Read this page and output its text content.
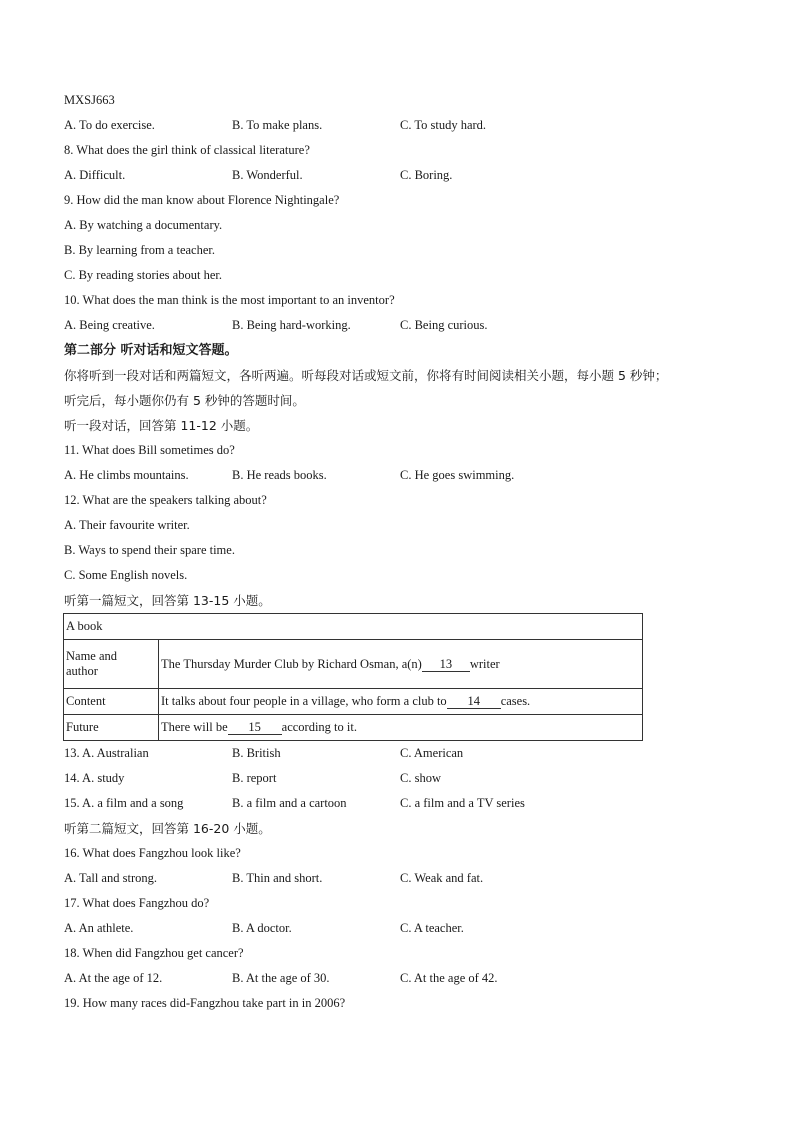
MXSJ663
A. To do exercise.	B. To make plans.	C. To study hard.
8. What does the girl think of classical literature?
A. Difficult.	B. Wonderful.	C. Boring.
9. How did the man know about Florence Nightingale?
A. By watching a documentary.
B. By learning from a teacher.
C. By reading stories about her.
10. What does the man think is the most important to an inventor?
A. Being creative.	B. Being hard-working.	C. Being curious.
第二部分 听对话和短文答题。
你将听到一段对话和两篇短文，各听两遍。听每段对话或短文前，你将有时间阅读相关小题，每小题 5 秒钟；
听完后，每小题你仍有 5 秒钟的答题时间。
听一段对话，回答第 11-12 小题。
11. What does Bill sometimes do?
A. He climbs mountains.	B. He reads books.	C. He goes swimming.
12. What are the speakers talking about?
A. Their favourite writer.
B. Ways to spend their spare time.
C. Some English novels.
听第一篇短文，回答第 13-15 小题。
A book	

Name and
author	The Thursday Murder Club by Richard Osman, a(n) 13 writer
Content	It talks about four people in a village, who form a club to 14 cases.
Future	There will be 15 according to it.
13. A. Australian	B. British	C. American
14. A. study	B. report	C. show
15. A. a film and a song	B. a film and a cartoon	C. a film and a TV series
听第二篇短文，回答第 16-20 小题。
16. What does Fangzhou look like?
A. Tall and strong.	B. Thin and short.	C. Weak and fat.
17. What does Fangzhou do?
A. An athlete.	B. A doctor.	C. A teacher.
18. When did Fangzhou get cancer?
A. At the age of 12.	B. At the age of 30.	C. At the age of 42.
19. How many races did-Fangzhou take part in in 2006?
